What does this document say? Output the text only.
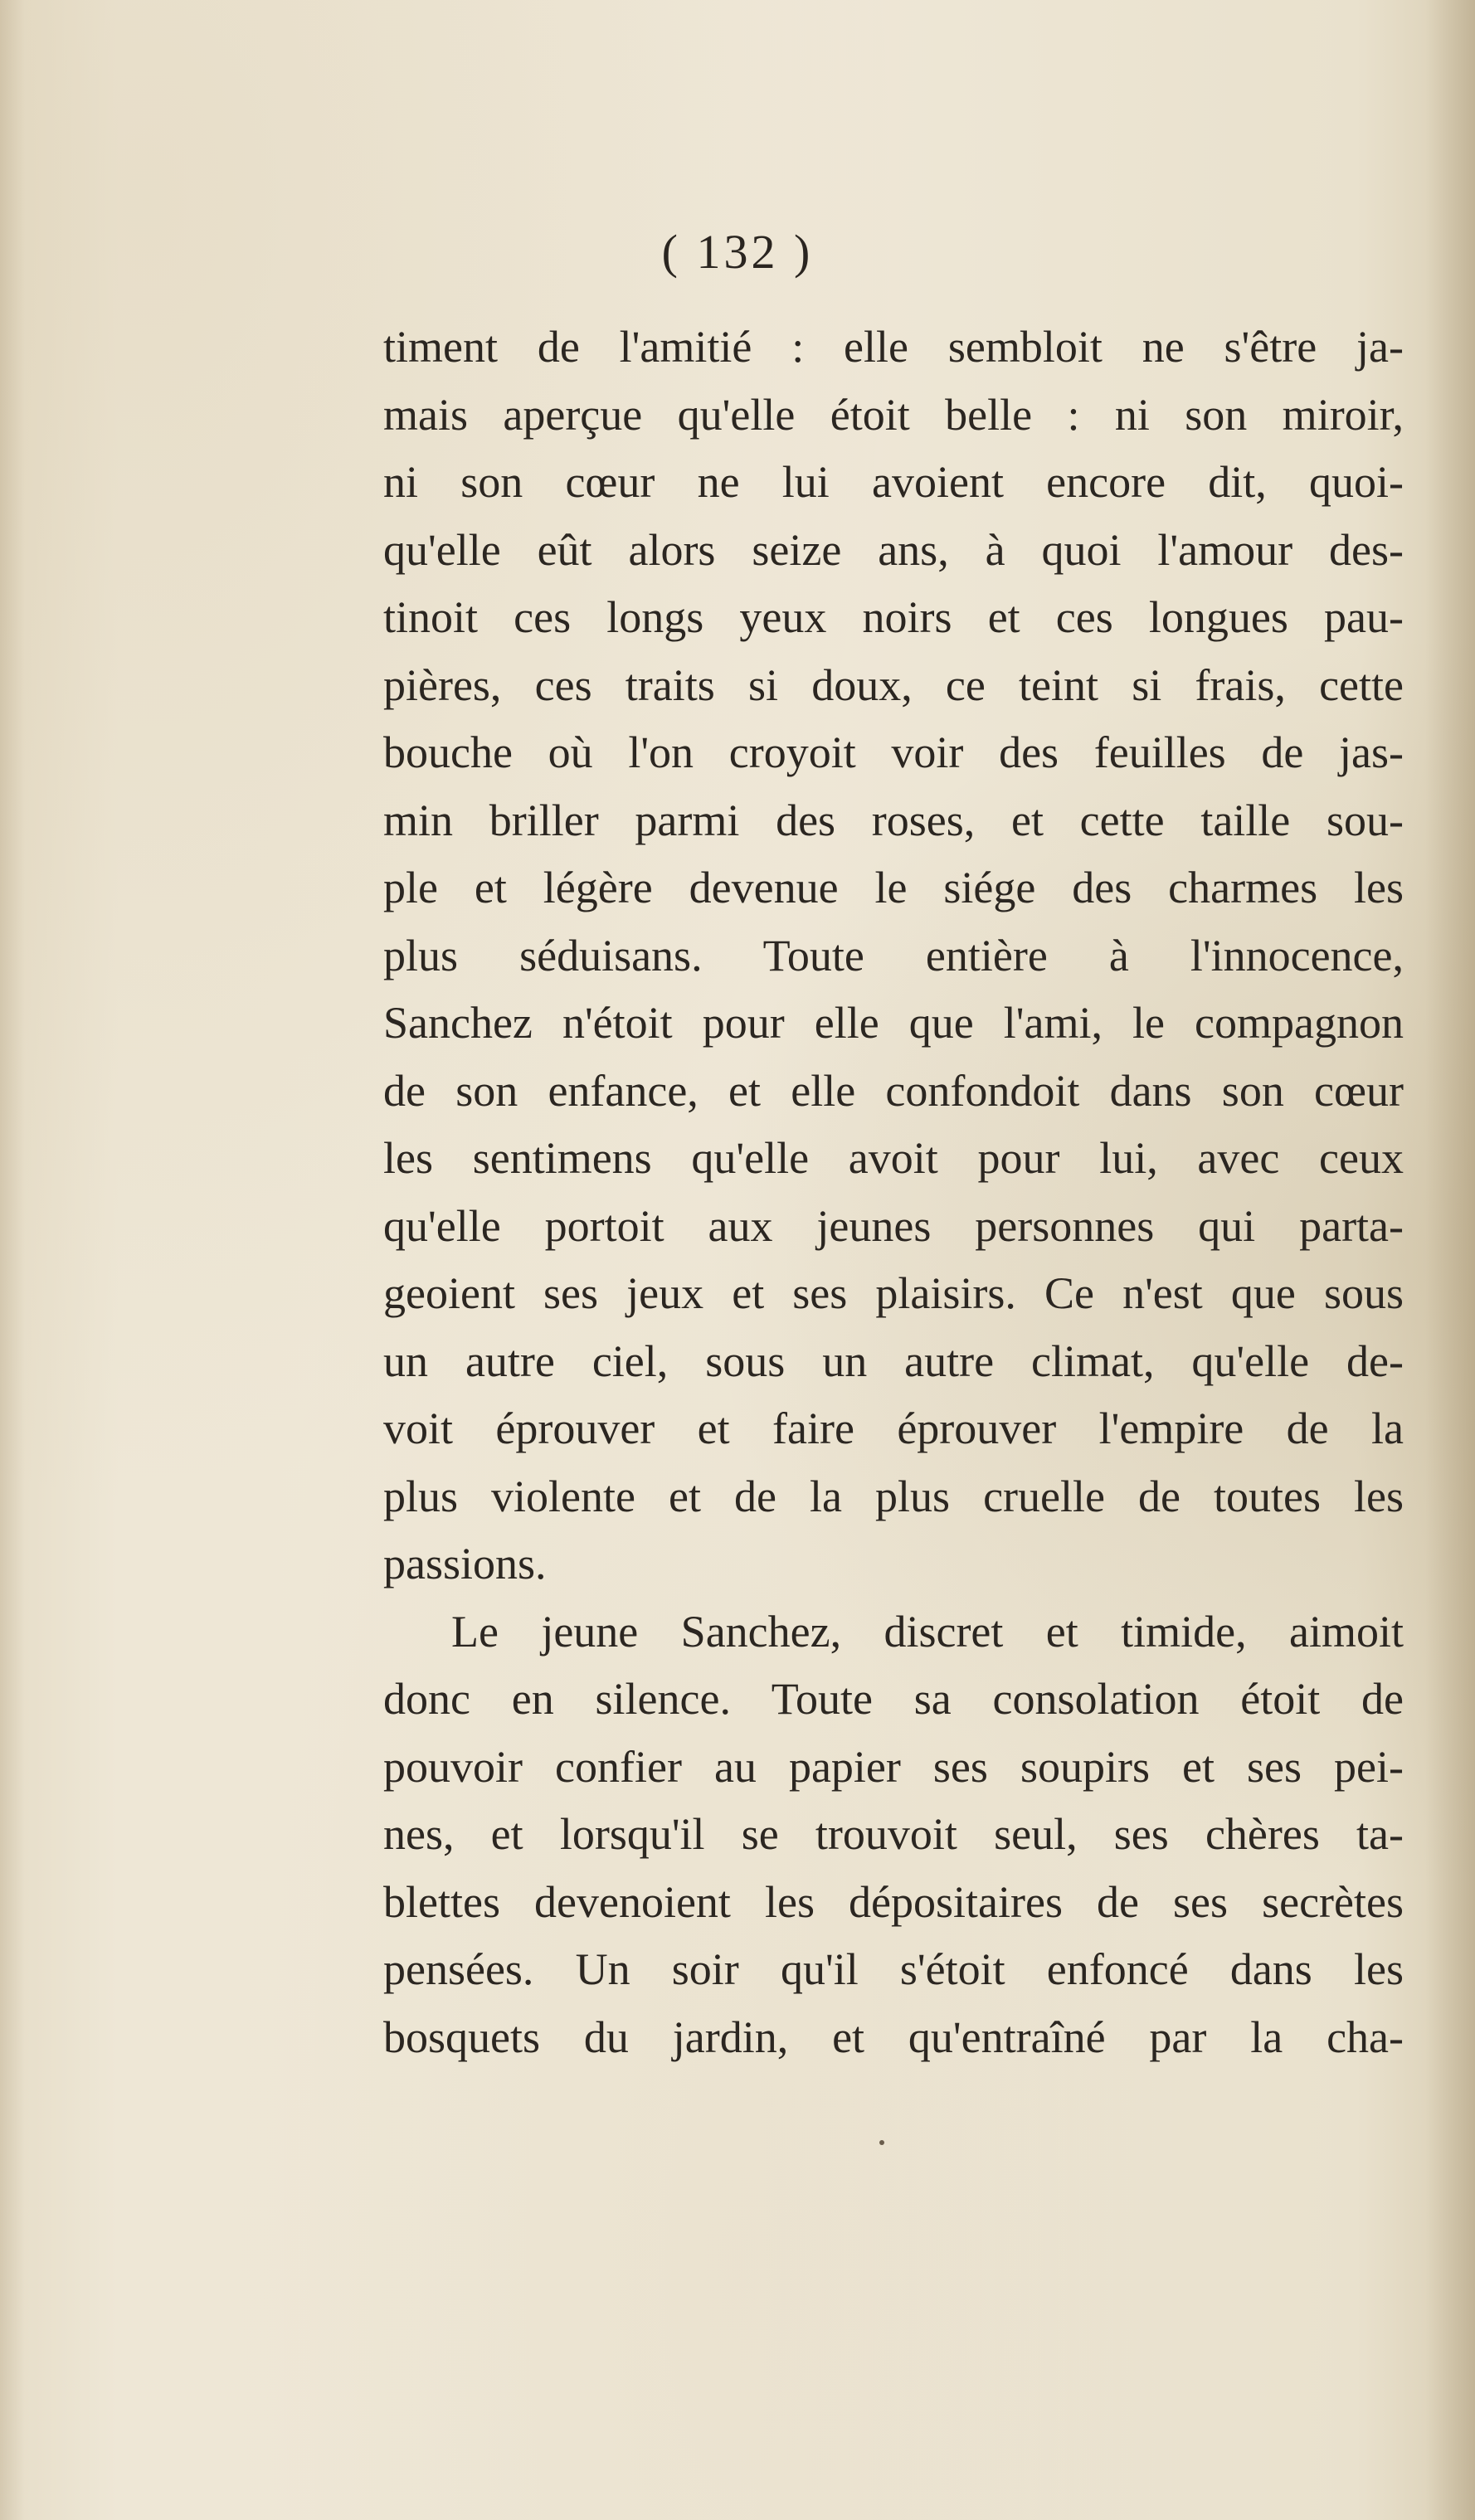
( 132 )
timent de l'amitié : elle sembloit ne s'être ja-
mais aperçue qu'elle étoit belle : ni son miroir,
ni son cœur ne lui avoient encore dit, quoi-
qu'elle eût alors seize ans, à quoi l'amour des-
tinoit ces longs yeux noirs et ces longues pau-
pières, ces traits si doux, ce teint si frais, cette
bouche où l'on croyoit voir des feuilles de jas-
min briller parmi des roses, et cette taille sou-
ple et légère devenue le siége des charmes les
plus séduisans. Toute entière à l'innocence,
Sanchez n'étoit pour elle que l'ami, le compagnon
de son enfance, et elle confondoit dans son cœur
les sentimens qu'elle avoit pour lui, avec ceux
qu'elle portoit aux jeunes personnes qui parta-
geoient ses jeux et ses plaisirs. Ce n'est que sous
un autre ciel, sous un autre climat, qu'elle de-
voit éprouver et faire éprouver l'empire de la
plus violente et de la plus cruelle de toutes les
passions.
Le jeune Sanchez, discret et timide, aimoit
donc en silence. Toute sa consolation étoit de
pouvoir confier au papier ses soupirs et ses pei-
nes, et lorsqu'il se trouvoit seul, ses chères ta-
blettes devenoient les dépositaires de ses secrètes
pensées. Un soir qu'il s'étoit enfoncé dans les
bosquets du jardin, et qu'entraîné par la cha-
